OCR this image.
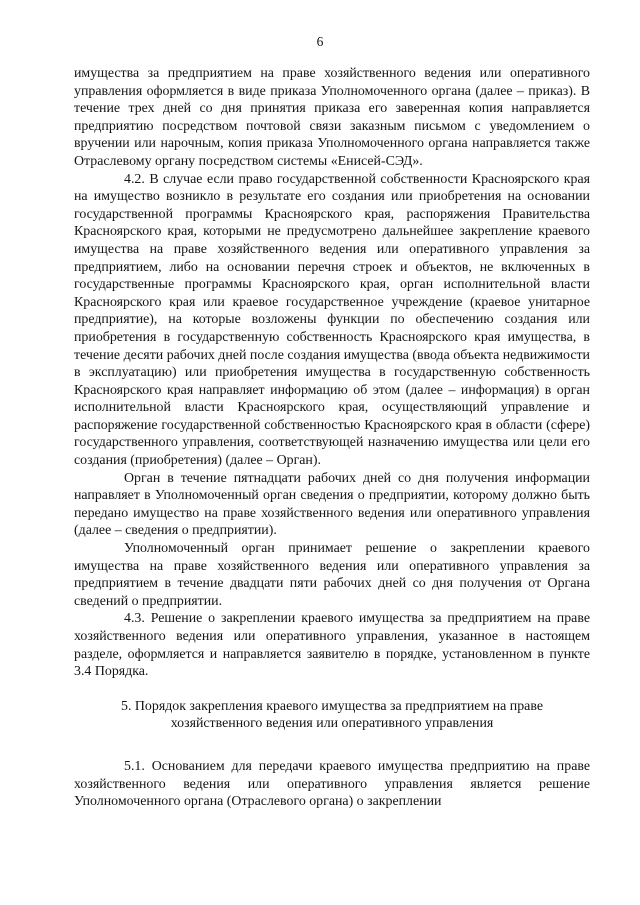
6

имущества за предприятием на праве хозяйственного ведения или оперативного управления оформляется в виде приказа Уполномоченного органа (далее – приказ). В течение трех дней со дня принятия приказа его заверенная копия направляется предприятию посредством почтовой связи заказным письмом с уведомлением о вручении или нарочным, копия приказа Уполномоченного органа направляется также Отраслевому органу посредством системы «Енисей-СЭД».

4.2. В случае если право государственной собственности Красноярского края на имущество возникло в результате его создания или приобретения на основании государственной программы Красноярского края, распоряжения Правительства Красноярского края, которыми не предусмотрено дальнейшее закрепление краевого имущества на праве хозяйственного ведения или оперативного управления за предприятием, либо на основании перечня строек и объектов, не включенных в государственные программы Красноярского края, орган исполнительной власти Красноярского края или краевое государственное учреждение (краевое унитарное предприятие), на которые возложены функции по обеспечению создания или приобретения в государственную собственность Красноярского края имущества, в течение десяти рабочих дней после создания имущества (ввода объекта недвижимости в эксплуатацию) или приобретения имущества в государственную собственность Красноярского края направляет информацию об этом (далее – информация) в орган исполнительной власти Красноярского края, осуществляющий управление и распоряжение государственной собственностью Красноярского края в области (сфере) государственного управления, соответствующей назначению имущества или цели его создания (приобретения) (далее – Орган).

Орган в течение пятнадцати рабочих дней со дня получения информации направляет в Уполномоченный орган сведения о предприятии, которому должно быть передано имущество на праве хозяйственного ведения или оперативного управления (далее – сведения о предприятии).

Уполномоченный орган принимает решение о закреплении краевого имущества на праве хозяйственного ведения или оперативного управления за предприятием в течение двадцати пяти рабочих дней со дня получения от Органа сведений о предприятии.

4.3. Решение о закреплении краевого имущества за предприятием на праве хозяйственного ведения или оперативного управления, указанное в настоящем разделе, оформляется и направляется заявителю в порядке, установленном в пункте 3.4 Порядка.

5. Порядок закрепления краевого имущества за предприятием на праве
хозяйственного ведения или оперативного управления

5.1. Основанием для передачи краевого имущества предприятию на праве хозяйственного ведения или оперативного управления является решение Уполномоченного органа (Отраслевого органа) о закреплении
